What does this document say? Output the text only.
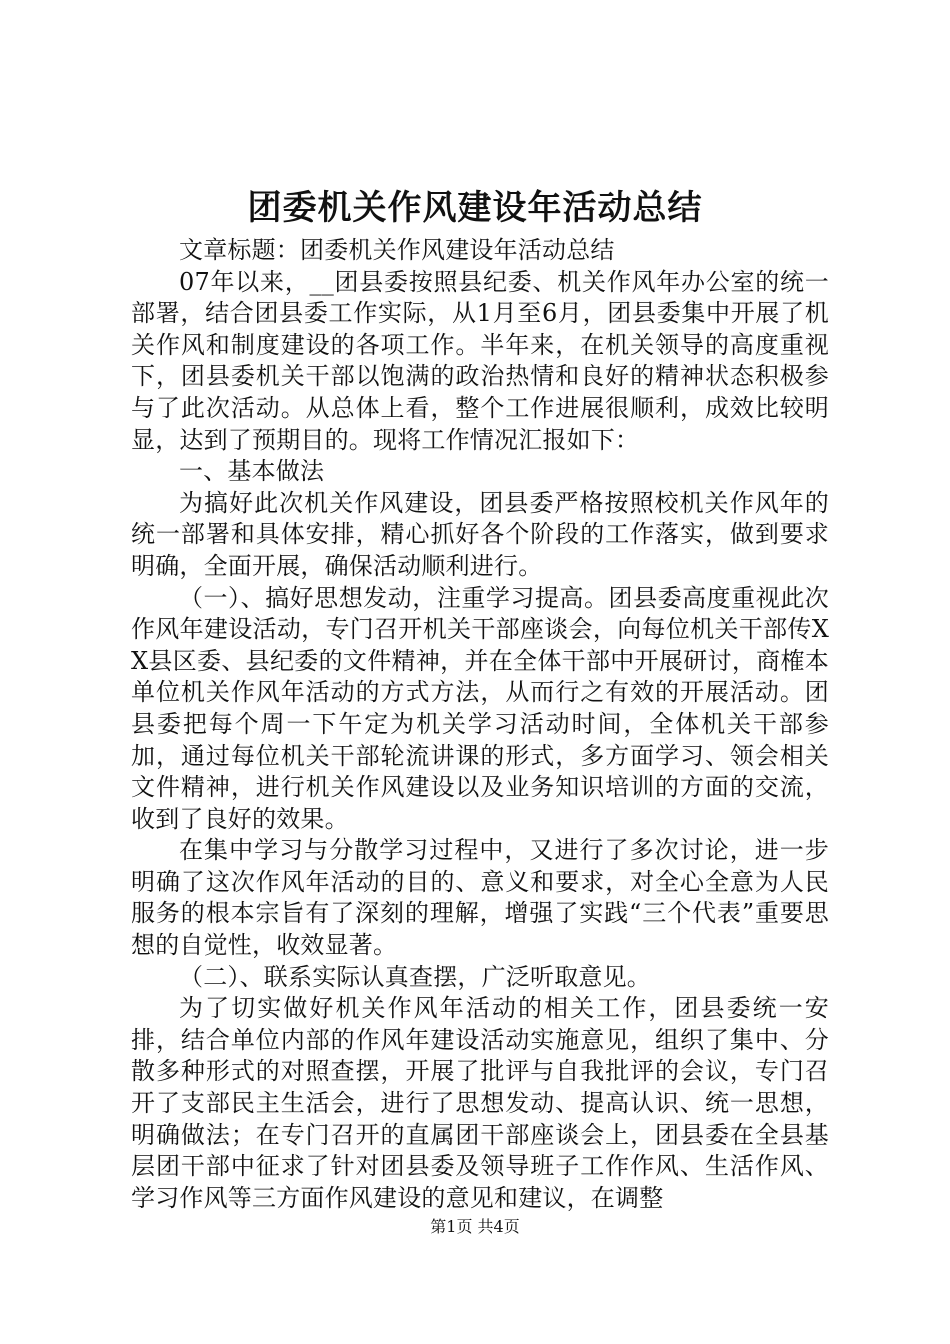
团委机关作风建设年活动总结

文章标题：团委机关作风建设年活动总结

07年以来，__团县委按照县纪委、机关作风年办公室的统一部署，结合团县委工作实际，从1月至6月，团县委集中开展了机关作风和制度建设的各项工作。半年来，在机关领导的高度重视下，团县委机关干部以饱满的政治热情和良好的精神状态积极参与了此次活动。从总体上看，整个工作进展很顺利，成效比较明显，达到了预期目的。现将工作情况汇报如下：

一、基本做法

为搞好此次机关作风建设，团县委严格按照校机关作风年的统一部署和具体安排，精心抓好各个阶段的工作落实，做到要求明确，全面开展，确保活动顺利进行。

（一）、搞好思想发动，注重学习提高。团县委高度重视此次作风年建设活动，专门召开机关干部座谈会，向每位机关干部传XX县区委、县纪委的文件精神，并在全体干部中开展研讨，商榷本单位机关作风年活动的方式方法，从而行之有效的开展活动。团县委把每个周一下午定为机关学习活动时间，全体机关干部参加，通过每位机关干部轮流讲课的形式，多方面学习、领会相关文件精神，进行机关作风建设以及业务知识培训的方面的交流，收到了良好的效果。

在集中学习与分散学习过程中，又进行了多次讨论，进一步明确了这次作风年活动的目的、意义和要求，对全心全意为人民服务的根本宗旨有了深刻的理解，增强了实践“三个代表”重要思想的自觉性，收效显著。

（二）、联系实际认真查摆，广泛听取意见。

为了切实做好机关作风年活动的相关工作，团县委统一安排，结合单位内部的作风年建设活动实施意见，组织了集中、分散多种形式的对照查摆，开展了批评与自我批评的会议，专门召开了支部民主生活会，进行了思想发动、提高认识、统一思想，明确做法；在专门召开的直属团干部座谈会上，团县委在全县基层团干部中征求了针对团县委及领导班子工作作风、生活作风、学习作风等三方面作风建设的意见和建议，在调整

第1页 共4页
